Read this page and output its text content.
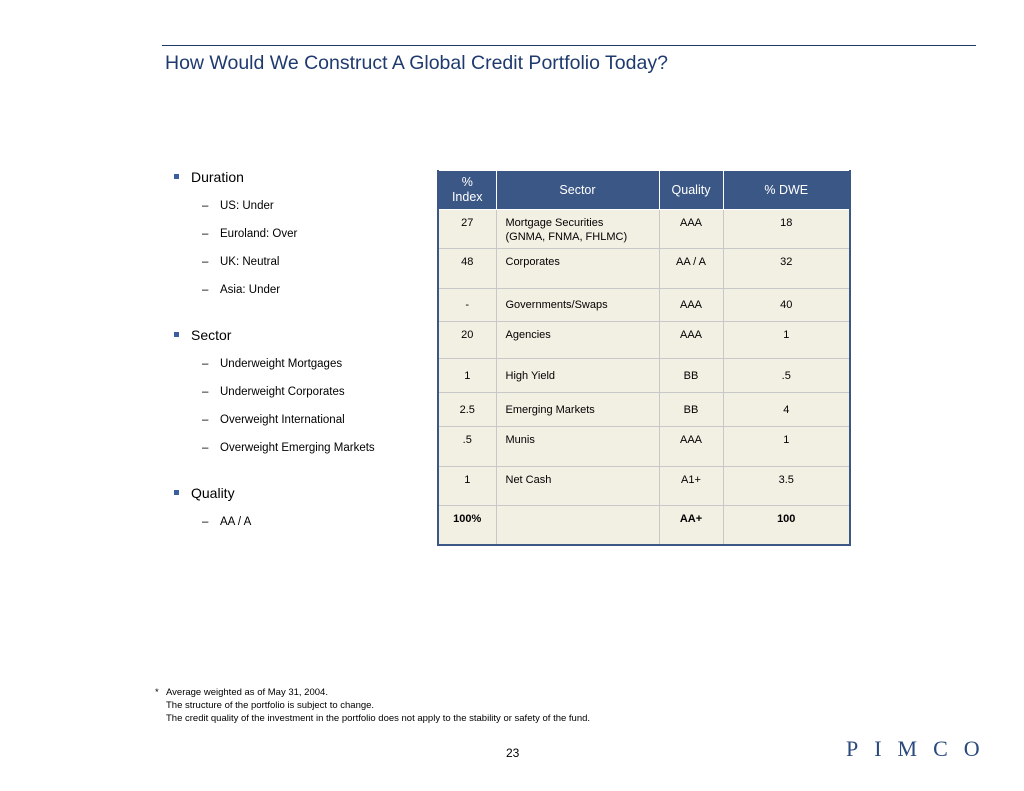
How Would We Construct A Global Credit Portfolio Today?
Duration
– US: Under
– Euroland: Over
– UK: Neutral
– Asia: Under
Sector
– Underweight Mortgages
– Underweight Corporates
– Overweight International
– Overweight Emerging Markets
Quality
– AA / A
%
Index	Sector	Quality	% DWE
27	Mortgage Securities
(GNMA, FNMA, FHLMC)	AAA	18
48	Corporates	AA / A	32
-	Governments/Swaps	AAA	40
20	Agencies	AAA	1
1	High Yield	BB	.5
2.5	Emerging Markets	BB	4
.5	Munis	AAA	1
1	Net Cash	A1+	3.5
100%		AA+	100
* Average weighted as of May 31, 2004.
The structure of the portfolio is subject to change.
The credit quality of the investment in the portfolio does not apply to the stability or safety of the fund.
23	PIMCO
